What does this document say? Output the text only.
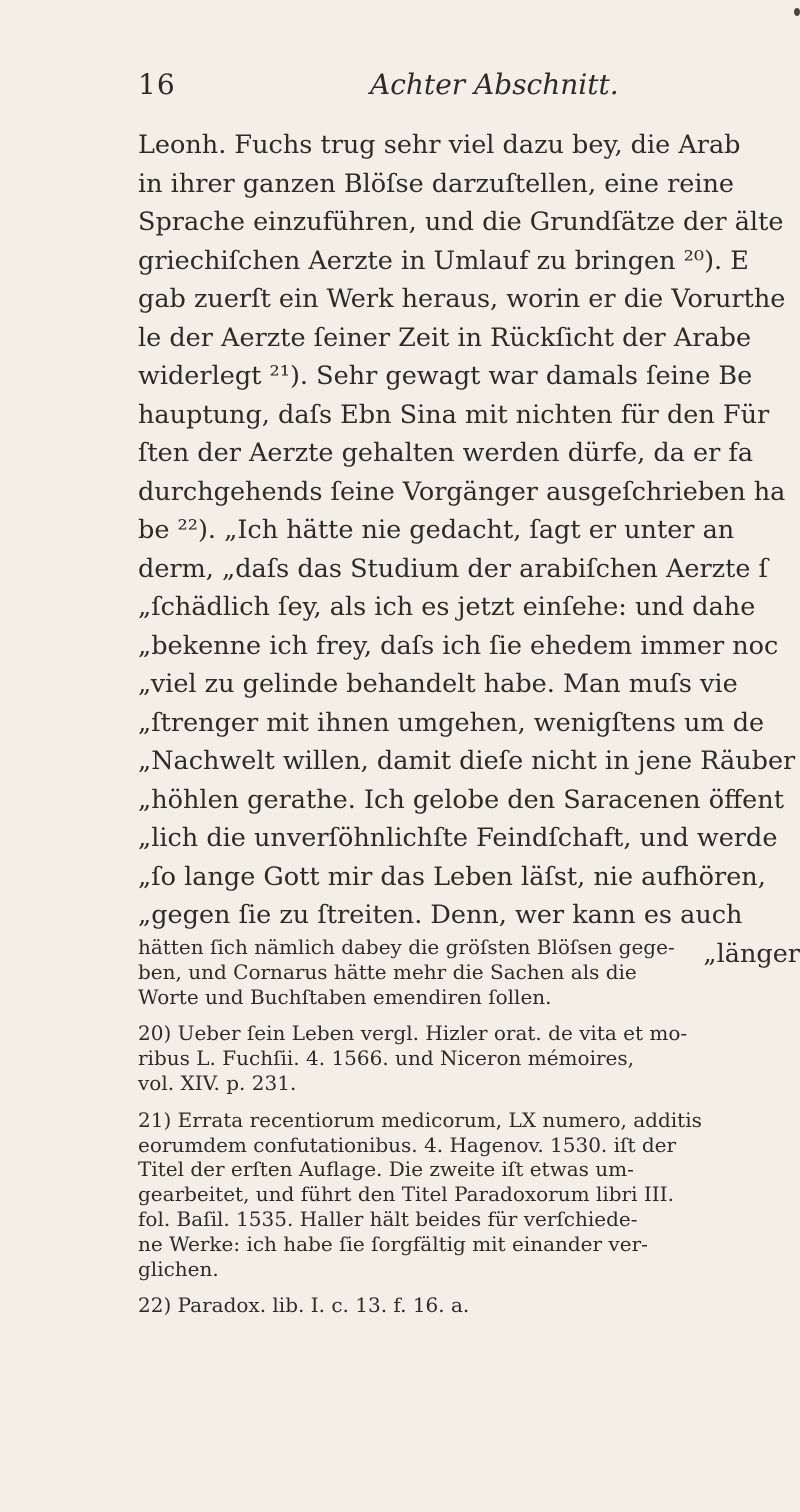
16	Achter Abschnitt.
Leonh. Fuchs trug sehr viel dazu bey, die Arab
in ihrer ganzen Blöſse darzuſtellen, eine reine
Sprache einzuführen, und die Grundſätze der älte
griechiſchen Aerzte in Umlauf zu bringen ²⁰). E
gab zuerſt ein Werk heraus, worin er die Vorurthe
le der Aerzte ſeiner Zeit in Rückſicht der Arabe
widerlegt ²¹). Sehr gewagt war damals ſeine Be
hauptung, daſs Ebn Sina mit nichten für den Für
ſten der Aerzte gehalten werden dürfe, da er fa
durchgehends ſeine Vorgänger ausgeſchrieben ha
be ²²). „Ich hätte nie gedacht, ſagt er unter an
derm, „daſs das Studium der arabiſchen Aerzte ſ
„ſchädlich ſey, als ich es jetzt einſehe: und dahe
„bekenne ich frey, daſs ich ſie ehedem immer noc
„viel zu gelinde behandelt habe. Man muſs vie
„ſtrenger mit ihnen umgehen, wenigſtens um de
„Nachwelt willen, damit dieſe nicht in jene Räuber
„höhlen gerathe. Ich gelobe den Saracenen öffent
„lich die unverſöhnlichſte Feindſchaft, und werde
„ſo lange Gott mir das Leben läſst, nie aufhören,
„gegen ſie zu ſtreiten. Denn, wer kann es auch
„länger
hätten ſich nämlich dabey die gröſsten Blöſsen gege-
ben, und Cornarus hätte mehr die Sachen als die
Worte und Buchſtaben emendiren ſollen.
20) Ueber ſein Leben vergl. Hizler orat. de vita et mo-
ribus L. Fuchſii. 4. 1566. und Niceron mémoires,
vol. XIV. p. 231.
21) Errata recentiorum medicorum, LX numero, additis
eorumdem confutationibus. 4. Hagenov. 1530. iſt der
Titel der erſten Auflage. Die zweite iſt etwas um-
gearbeitet, und führt den Titel Paradoxorum libri III.
fol. Baſil. 1535. Haller hält beides für verſchiede-
ne Werke: ich habe ſie ſorgfältig mit einander ver-
glichen.
22) Paradox. lib. I. c. 13. f. 16. a.
